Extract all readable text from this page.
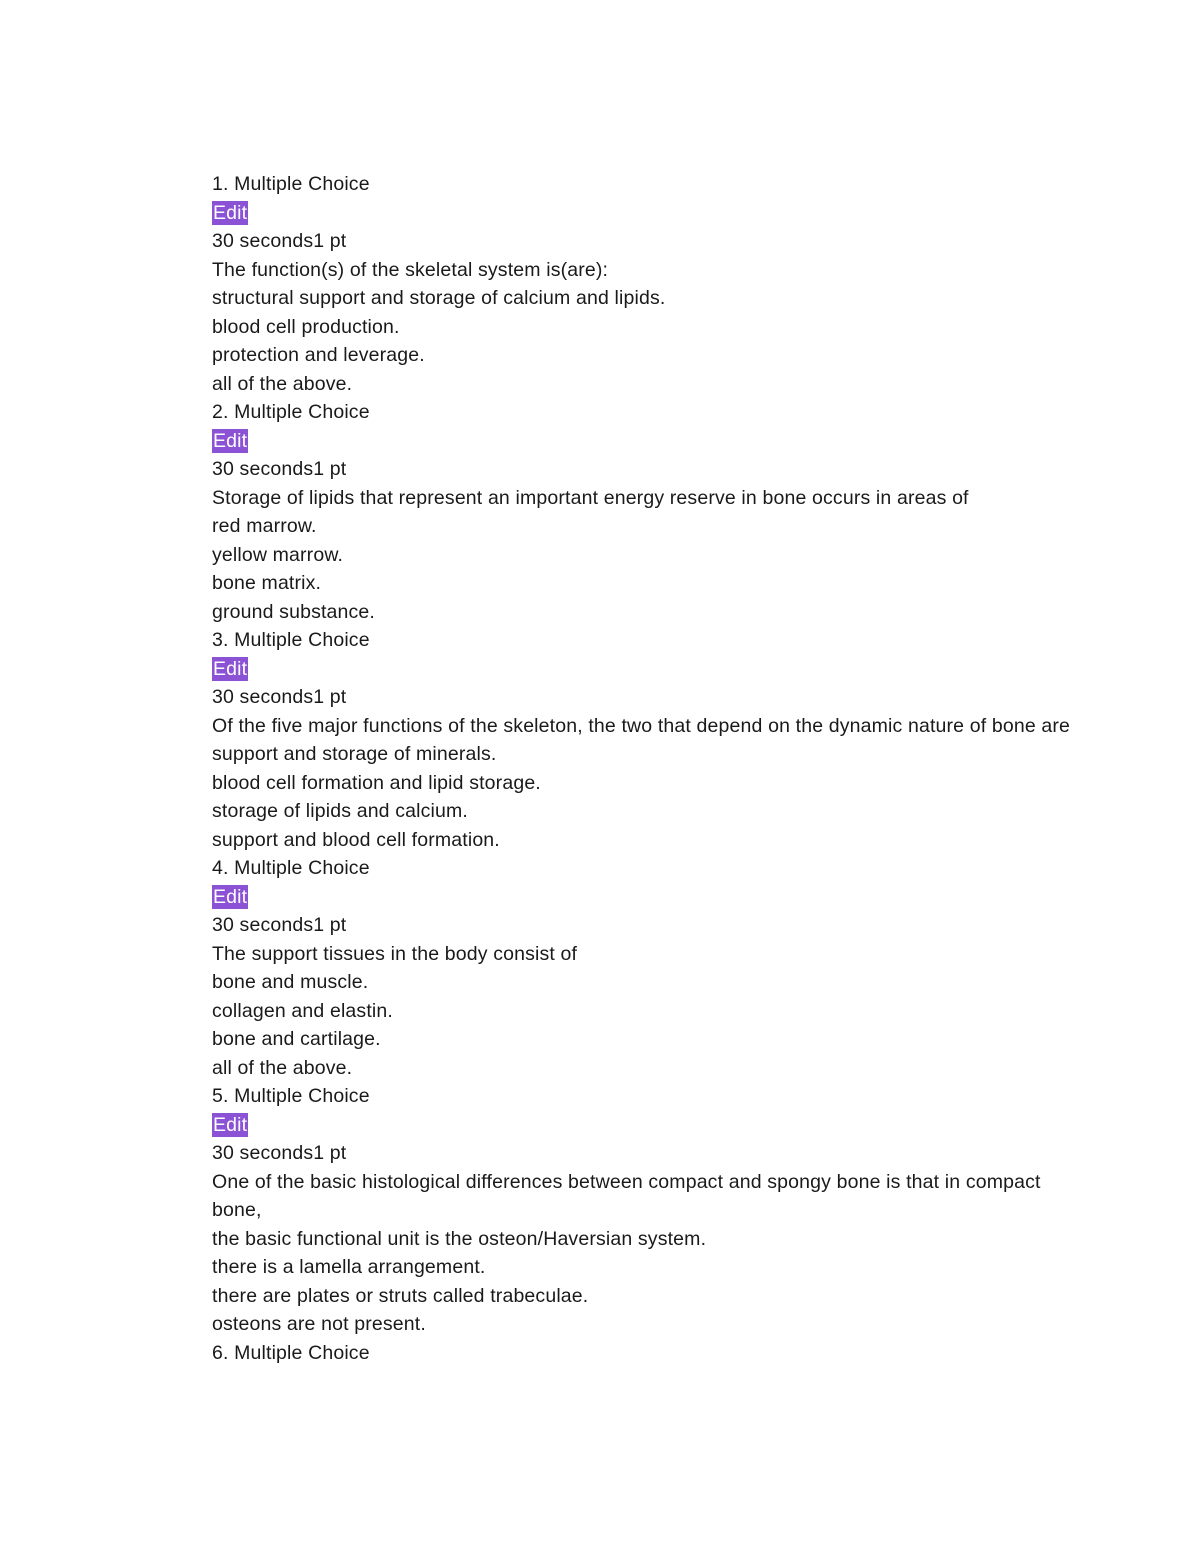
1. Multiple Choice
Edit
30 seconds1 pt
The function(s) of the skeletal system is(are):
structural support and storage of calcium and lipids.
blood cell production.
protection and leverage.
all of the above.
2. Multiple Choice
Edit
30 seconds1 pt
Storage of lipids that represent an important energy reserve in bone occurs in areas of
red marrow.
yellow marrow.
bone matrix.
ground substance.
3. Multiple Choice
Edit
30 seconds1 pt
Of the five major functions of the skeleton, the two that depend on the dynamic nature of bone are
support and storage of minerals.
blood cell formation and lipid storage.
storage of lipids and calcium.
support and blood cell formation.
4. Multiple Choice
Edit
30 seconds1 pt
The support tissues in the body consist of
bone and muscle.
collagen and elastin.
bone and cartilage.
all of the above.
5. Multiple Choice
Edit
30 seconds1 pt
One of the basic histological differences between compact and spongy bone is that in compact bone,
the basic functional unit is the osteon/Haversian system.
there is a lamella arrangement.
there are plates or struts called trabeculae.
osteons are not present.
6. Multiple Choice
